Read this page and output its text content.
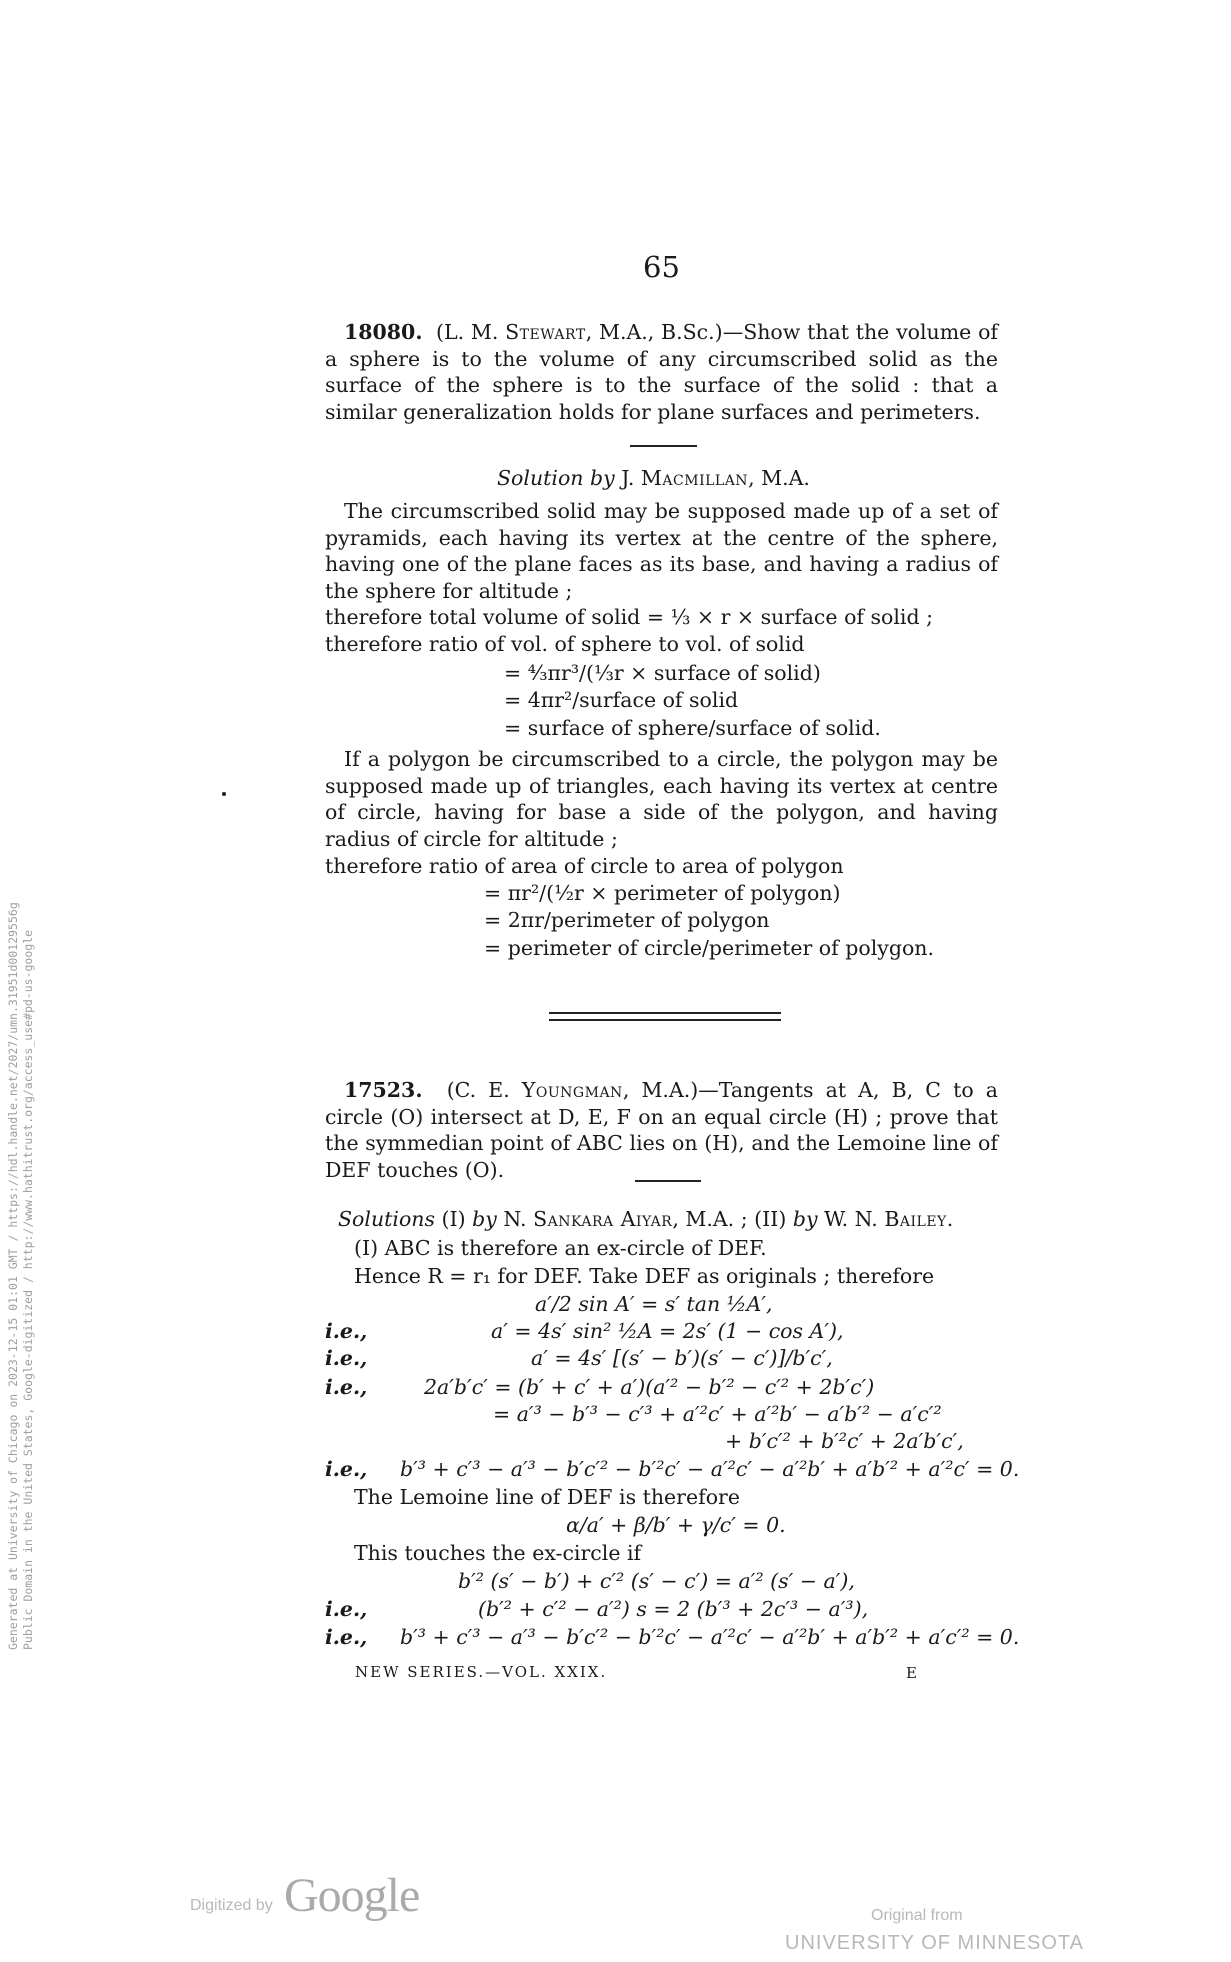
65
18080. (L. M. Stewart, M.A., B.Sc.)—Show that the volume of a sphere is to the volume of any circumscribed solid as the surface of the sphere is to the surface of the solid : that a similar generalization holds for plane surfaces and perimeters.
Solution by J. Macmillan, M.A.
The circumscribed solid may be supposed made up of a set of pyramids, each having its vertex at the centre of the sphere, having one of the plane faces as its base, and having a radius of the sphere for altitude ;
therefore total volume of solid = ⅓ × r × surface of solid ;
therefore ratio of vol. of sphere to vol. of solid
= ⁴⁄₃πr³/(⅓r × surface of solid)
= 4πr²/surface of solid
= surface of sphere/surface of solid.
If a polygon be circumscribed to a circle, the polygon may be supposed made up of triangles, each having its vertex at centre of circle, having for base a side of the polygon, and having radius of circle for altitude ;
therefore ratio of area of circle to area of polygon
= πr²/(½r × perimeter of polygon)
= 2πr/perimeter of polygon
= perimeter of circle/perimeter of polygon.
17523. (C. E. Youngman, M.A.)—Tangents at A, B, C to a circle (O) intersect at D, E, F on an equal circle (H) ; prove that the symmedian point of ABC lies on (H), and the Lemoine line of DEF touches (O).
Solutions (I) by N. Sankara Aiyar, M.A. ; (II) by W. N. Bailey.
(I) ABC is therefore an ex-circle of DEF.
Hence R = r₁ for DEF. Take DEF as originals ; therefore
a′/2 sin A′ = s′ tan ½A′,
i.e.,	a′ = 4s′ sin² ½A = 2s′ (1 − cos A′),
i.e.,	a′ = 4s′ [(s′ − b′)(s′ − c′)]/b′c′,
i.e.,	2a′b′c′ = (b′ + c′ + a′)(a′² − b′² − c′² + 2b′c′)
= a′³ − b′³ − c′³ + a′²c′ + a′²b′ − a′b′² − a′c′²
+ b′c′² + b′²c′ + 2a′b′c′,
i.e., b′³ + c′³ − a′³ − b′c′² − b′²c′ − a′²c′ − a′²b′ + a′b′² + a′²c′ = 0.
The Lemoine line of DEF is therefore
α/a′ + β/b′ + γ/c′ = 0.
This touches the ex-circle if
b′² (s′ − b′) + c′² (s′ − c′) = a′² (s′ − a′),
i.e.,	(b′² + c′² − a′²) s = 2 (b′³ + 2c′³ − a′³),
i.e., b′³ + c′³ − a′³ − b′c′² − b′²c′ − a′²c′ − a′²b′ + a′b′² + a′c′² = 0.
NEW SERIES.—VOL. XXIX.	E
Generated at University of Chicago on 2023-12-15 01:01 GMT / https://hdl.handle.net/2027/umn.31951d00129556g Public Domain in the United States, Google-digitized / http://www.hathitrust.org/access_use#pd-us-google
Digitized by Google	Original from
UNIVERSITY OF MINNESOTA
